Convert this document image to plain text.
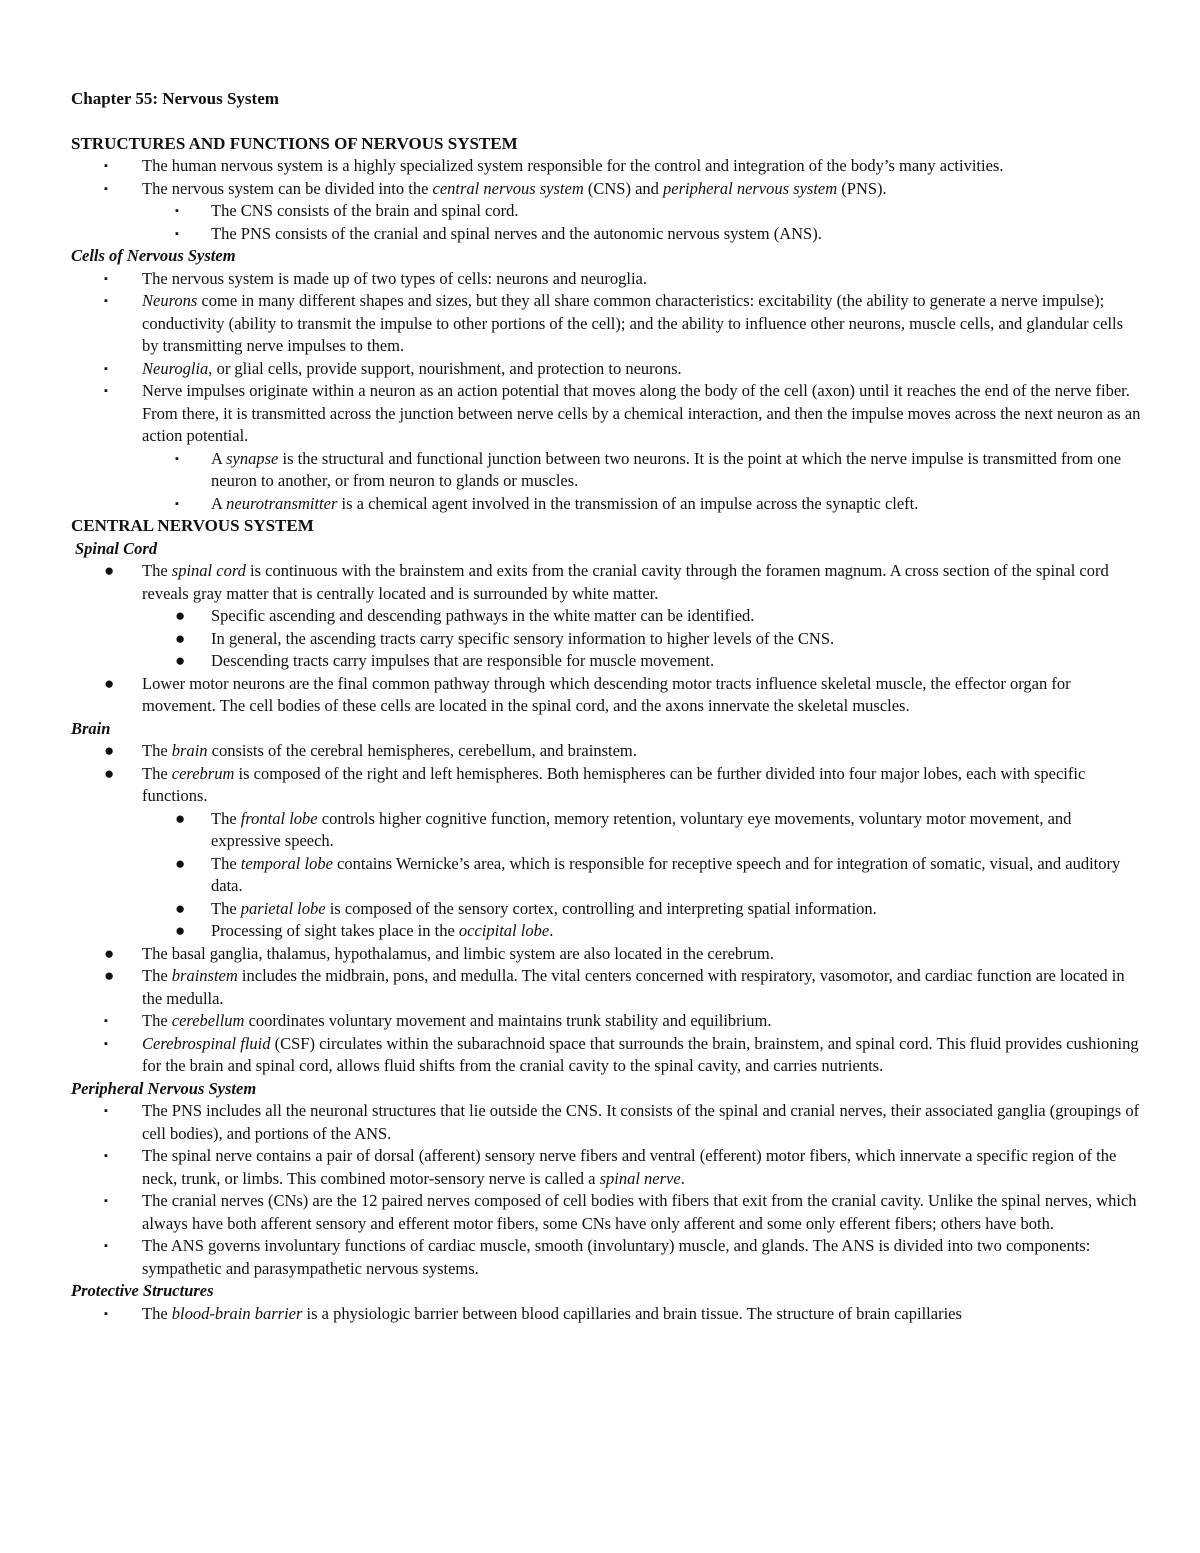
Chapter 55: Nervous System
STRUCTURES AND FUNCTIONS OF NERVOUS SYSTEM
▪ The human nervous system is a highly specialized system responsible for the control and integration of the body’s many activities.
▪ The nervous system can be divided into the central nervous system (CNS) and peripheral nervous system (PNS).
▪ The CNS consists of the brain and spinal cord.
▪ The PNS consists of the cranial and spinal nerves and the autonomic nervous system (ANS).
Cells of Nervous System
▪ The nervous system is made up of two types of cells: neurons and neuroglia.
▪ Neurons come in many different shapes and sizes, but they all share common characteristics: excitability (the ability to generate a nerve impulse); conductivity (ability to transmit the impulse to other portions of the cell); and the ability to influence other neurons, muscle cells, and glandular cells by transmitting nerve impulses to them.
▪ Neuroglia, or glial cells, provide support, nourishment, and protection to neurons.
▪ Nerve impulses originate within a neuron as an action potential that moves along the body of the cell (axon) until it reaches the end of the nerve fiber. From there, it is transmitted across the junction between nerve cells by a chemical interaction, and then the impulse moves across the next neuron as an action potential.
▪ A synapse is the structural and functional junction between two neurons. It is the point at which the nerve impulse is transmitted from one neuron to another, or from neuron to glands or muscles.
▪ A neurotransmitter is a chemical agent involved in the transmission of an impulse across the synaptic cleft.
CENTRAL NERVOUS SYSTEM
Spinal Cord
● The spinal cord is continuous with the brainstem and exits from the cranial cavity through the foramen magnum. A cross section of the spinal cord reveals gray matter that is centrally located and is surrounded by white matter.
● Specific ascending and descending pathways in the white matter can be identified.
● In general, the ascending tracts carry specific sensory information to higher levels of the CNS.
● Descending tracts carry impulses that are responsible for muscle movement.
● Lower motor neurons are the final common pathway through which descending motor tracts influence skeletal muscle, the effector organ for movement. The cell bodies of these cells are located in the spinal cord, and the axons innervate the skeletal muscles.
Brain
● The brain consists of the cerebral hemispheres, cerebellum, and brainstem.
● The cerebrum is composed of the right and left hemispheres. Both hemispheres can be further divided into four major lobes, each with specific functions.
● The frontal lobe controls higher cognitive function, memory retention, voluntary eye movements, voluntary motor movement, and expressive speech.
● The temporal lobe contains Wernicke’s area, which is responsible for receptive speech and for integration of somatic, visual, and auditory data.
● The parietal lobe is composed of the sensory cortex, controlling and interpreting spatial information.
● Processing of sight takes place in the occipital lobe.
● The basal ganglia, thalamus, hypothalamus, and limbic system are also located in the cerebrum.
● The brainstem includes the midbrain, pons, and medulla. The vital centers concerned with respiratory, vasomotor, and cardiac function are located in the medulla.
▪ The cerebellum coordinates voluntary movement and maintains trunk stability and equilibrium.
▪ Cerebrospinal fluid (CSF) circulates within the subarachnoid space that surrounds the brain, brainstem, and spinal cord. This fluid provides cushioning for the brain and spinal cord, allows fluid shifts from the cranial cavity to the spinal cavity, and carries nutrients.
Peripheral Nervous System
▪ The PNS includes all the neuronal structures that lie outside the CNS. It consists of the spinal and cranial nerves, their associated ganglia (groupings of cell bodies), and portions of the ANS.
▪ The spinal nerve contains a pair of dorsal (afferent) sensory nerve fibers and ventral (efferent) motor fibers, which innervate a specific region of the neck, trunk, or limbs. This combined motor-sensory nerve is called a spinal nerve.
▪ The cranial nerves (CNs) are the 12 paired nerves composed of cell bodies with fibers that exit from the cranial cavity. Unlike the spinal nerves, which always have both afferent sensory and efferent motor fibers, some CNs have only afferent and some only efferent fibers; others have both.
▪ The ANS governs involuntary functions of cardiac muscle, smooth (involuntary) muscle, and glands. The ANS is divided into two components: sympathetic and parasympathetic nervous systems.
Protective Structures
▪ The blood-brain barrier is a physiologic barrier between blood capillaries and brain tissue. The structure of brain capillaries
